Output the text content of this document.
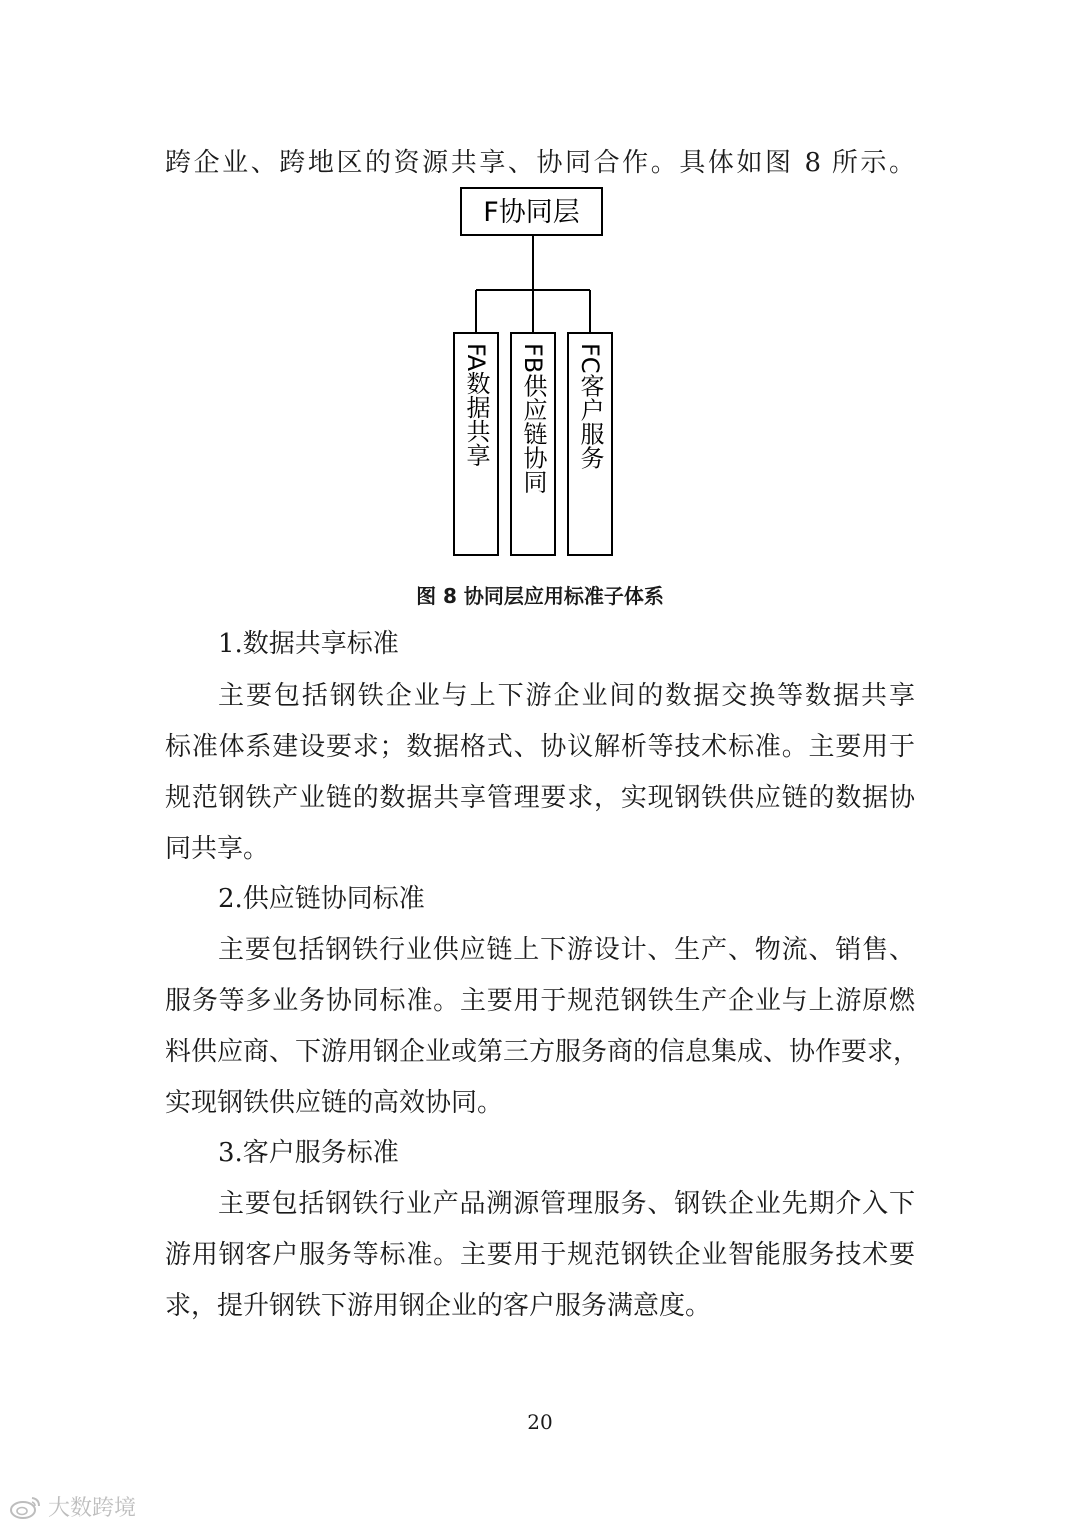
跨企业、跨地区的资源共享、协同合作。具体如图 8 所示。
F协同层
FA数据共享 FB供应链协同 FC客户服务
图 8 协同层应用标准子体系
1.数据共享标准
主要包括钢铁企业与上下游企业间的数据交换等数据共享
标准体系建设要求；数据格式、协议解析等技术标准。主要用于
规范钢铁产业链的数据共享管理要求，实现钢铁供应链的数据协
同共享。
2.供应链协同标准
主要包括钢铁行业供应链上下游设计、生产、物流、销售、
服务等多业务协同标准。主要用于规范钢铁生产企业与上游原燃
料供应商、下游用钢企业或第三方服务商的信息集成、协作要求，
实现钢铁供应链的高效协同。
3.客户服务标准
主要包括钢铁行业产品溯源管理服务、钢铁企业先期介入下
游用钢客户服务等标准。主要用于规范钢铁企业智能服务技术要
求，提升钢铁下游用钢企业的客户服务满意度。
20
大数跨境
